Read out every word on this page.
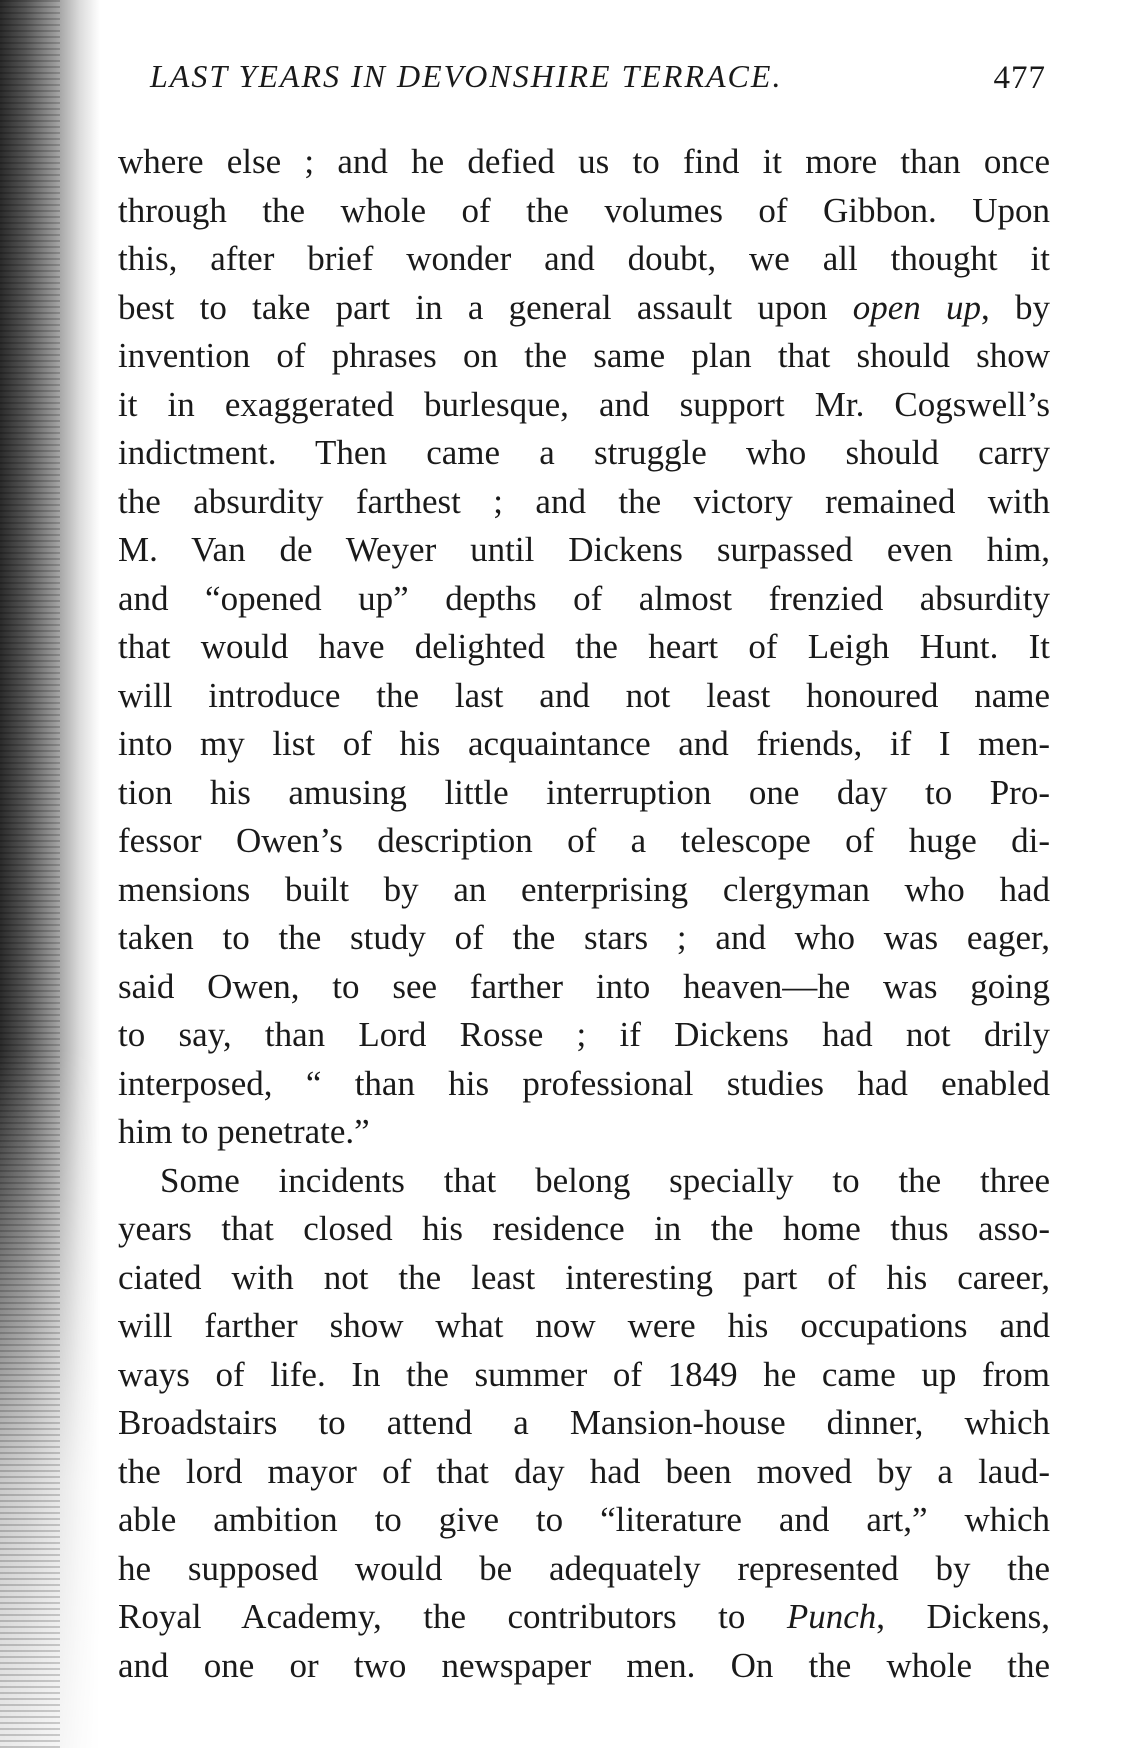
LAST YEARS IN DEVONSHIRE TERRACE.	477
where else ; and he defied us to find it more than once
through the whole of the volumes of Gibbon. Upon
this, after brief wonder and doubt, we all thought it
best to take part in a general assault upon open up, by
invention of phrases on the same plan that should show
it in exaggerated burlesque, and support Mr. Cogswell’s
indictment. Then came a struggle who should carry
the absurdity farthest ; and the victory remained with
M. Van de Weyer until Dickens surpassed even him,
and “opened up” depths of almost frenzied absurdity
that would have delighted the heart of Leigh Hunt. It
will introduce the last and not least honoured name
into my list of his acquaintance and friends, if I men-
tion his amusing little interruption one day to Pro-
fessor Owen’s description of a telescope of huge di-
mensions built by an enterprising clergyman who had
taken to the study of the stars ; and who was eager,
said Owen, to see farther into heaven—he was going
to say, than Lord Rosse ; if Dickens had not drily
interposed, “ than his professional studies had enabled
him to penetrate.”
Some incidents that belong specially to the three
years that closed his residence in the home thus asso-
ciated with not the least interesting part of his career,
will farther show what now were his occupations and
ways of life. In the summer of 1849 he came up from
Broadstairs to attend a Mansion-house dinner, which
the lord mayor of that day had been moved by a laud-
able ambition to give to “literature and art,” which
he supposed would be adequately represented by the
Royal Academy, the contributors to Punch, Dickens,
and one or two newspaper men. On the whole the
